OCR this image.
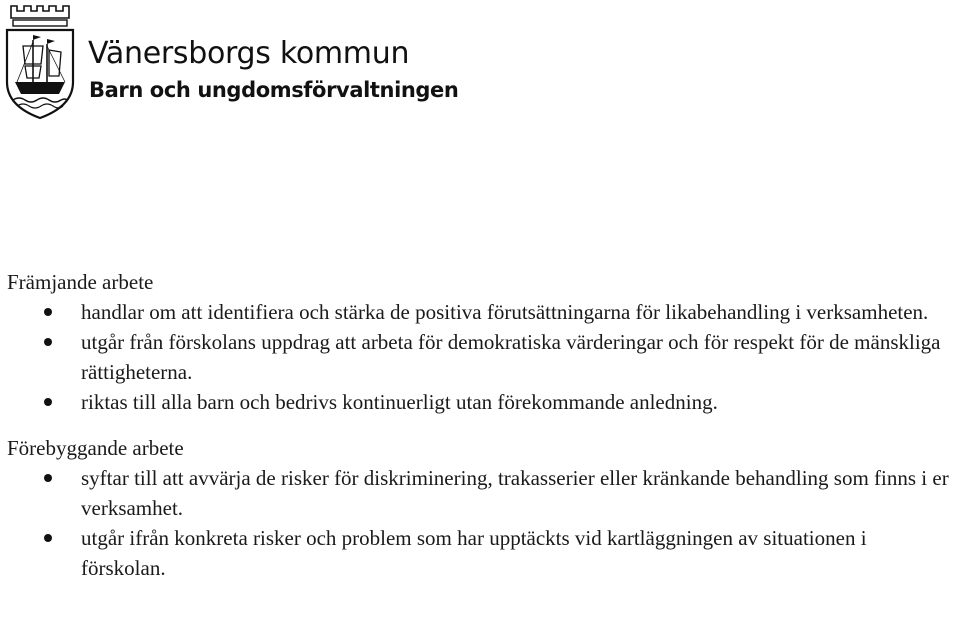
Vänersborgs kommun
Barn och ungdomsförvaltningen
Främjande arbete
handlar om att identifiera och stärka de positiva förutsättningarna för likabehandling i verksamheten.
utgår från förskolans uppdrag att arbeta för demokratiska värderingar och för respekt för de mänskliga rättigheterna.
riktas till alla barn och bedrivs kontinuerligt utan förekommande anledning.
Förebyggande arbete
syftar till att avvärja de risker för diskriminering, trakasserier eller kränkande behandling som finns i er verksamhet.
utgår ifrån konkreta risker och problem som har upptäckts vid kartläggningen av situationen i förskolan.
